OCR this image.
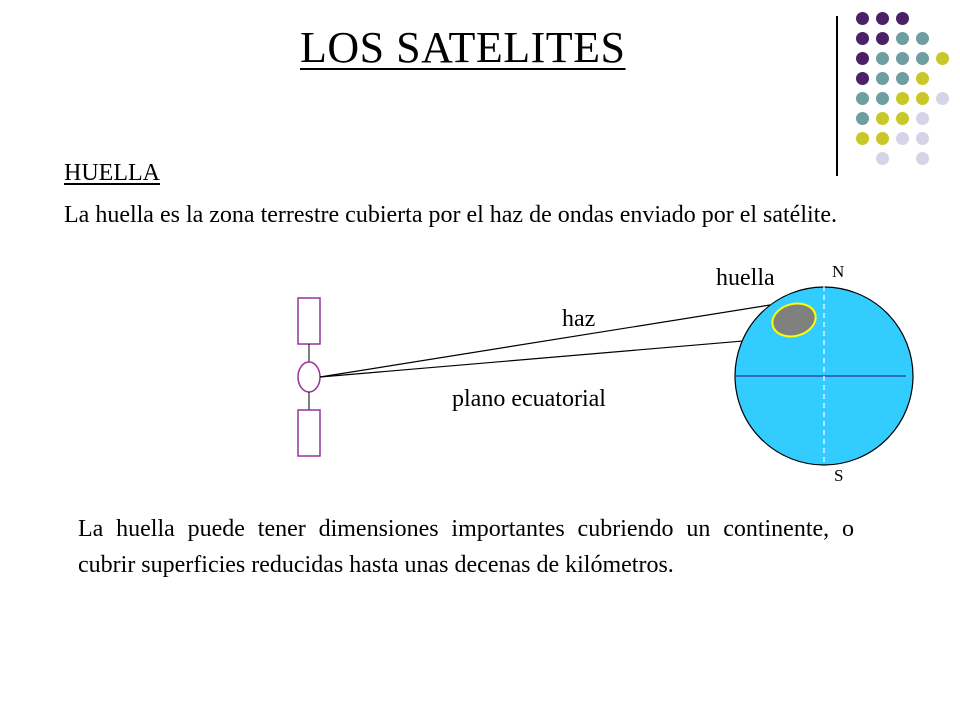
LOS SATELITES
HUELLA
La huella es la zona terrestre cubierta por el haz de ondas enviado por el satélite.
huella
haz
plano ecuatorial
N
S
La huella puede tener dimensiones importantes cubriendo un continente, o cubrir superficies reducidas hasta unas decenas de kilómetros.
